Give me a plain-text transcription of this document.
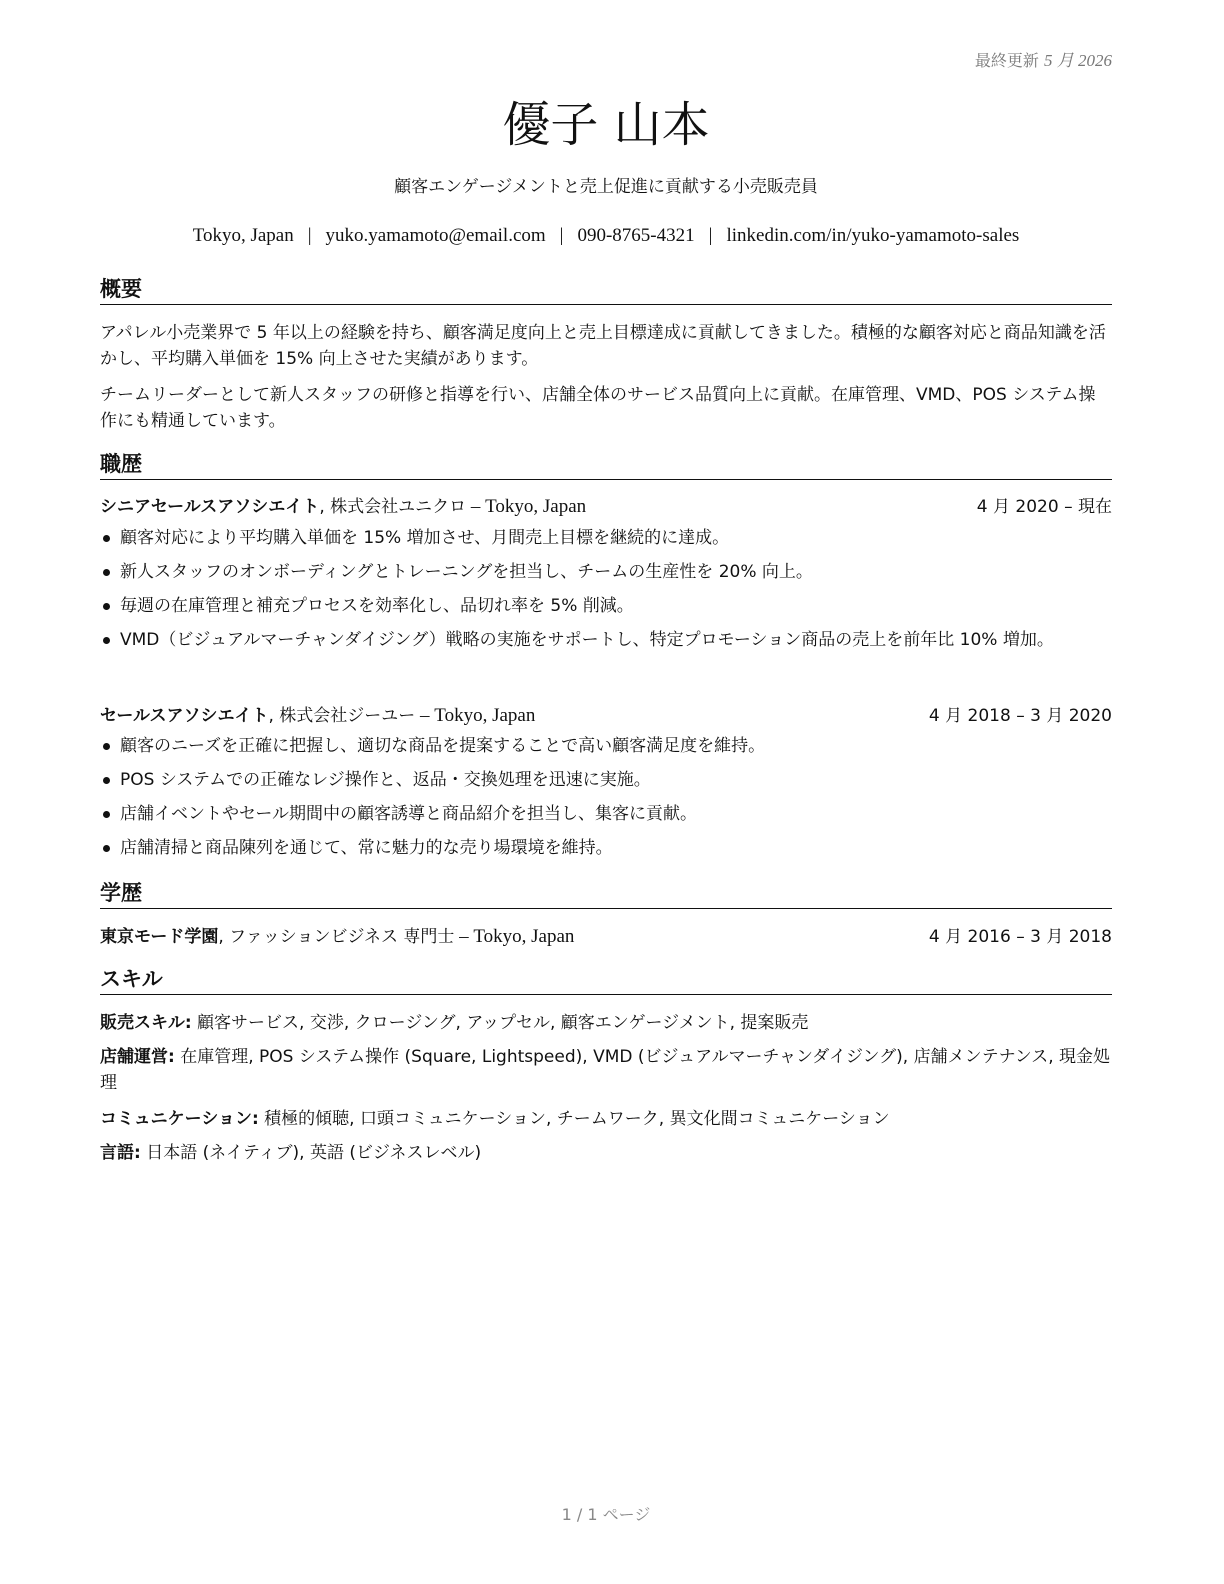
最終更新 5 月 2026
優子 山本

顧客エンゲージメントと売上促進に貢献する小売販売員

Tokyo, Japan | yuko.yamamoto@email.com | 090-8765-4321 | linkedin.com/in/yuko-yamamoto-sales
概要

アパレル小売業界で 5 年以上の経験を持ち、顧客満足度向上と売上目標達成に貢献してきました。積極的な顧客対応と商品知識を活かし、平均購入単価を 15% 向上させた実績があります。

チームリーダーとして新人スタッフの研修と指導を行い、店舗全体のサービス品質向上に貢献。在庫管理、VMD、POS システム操作にも精通しています。

職歴
シニアセールスアソシエイト, 株式会社ユニクロ – Tokyo, Japan	4 月 2020 – 現在
顧客対応により平均購入単価を 15% 増加させ、月間売上目標を継続的に達成。
新人スタッフのオンボーディングとトレーニングを担当し、チームの生産性を 20% 向上。
毎週の在庫管理と補充プロセスを効率化し、品切れ率を 5% 削減。
VMD（ビジュアルマーチャンダイジング）戦略の実施をサポートし、特定プロモーション商品の売上を前年比 10% 増加。
セールスアソシエイト, 株式会社ジーユー – Tokyo, Japan	4 月 2018 – 3 月 2020
顧客のニーズを正確に把握し、適切な商品を提案することで高い顧客満足度を維持。
POS システムでの正確なレジ操作と、返品・交換処理を迅速に実施。
店舗イベントやセール期間中の顧客誘導と商品紹介を担当し、集客に貢献。
店舗清掃と商品陳列を通じて、常に魅力的な売り場環境を維持。
学歴
東京モード学園, ファッションビジネス 専門士 – Tokyo, Japan	4 月 2016 – 3 月 2018
スキル

販売スキル: 顧客サービス, 交渉, クロージング, アップセル, 顧客エンゲージメント, 提案販売

店舗運営: 在庫管理, POS システム操作 (Square, Lightspeed), VMD (ビジュアルマーチャンダイジング), 店舗メンテナンス, 現金処理

コミュニケーション: 積極的傾聴, 口頭コミュニケーション, チームワーク, 異文化間コミュニケーション

言語: 日本語 (ネイティブ), 英語 (ビジネスレベル)

1 / 1 ページ
